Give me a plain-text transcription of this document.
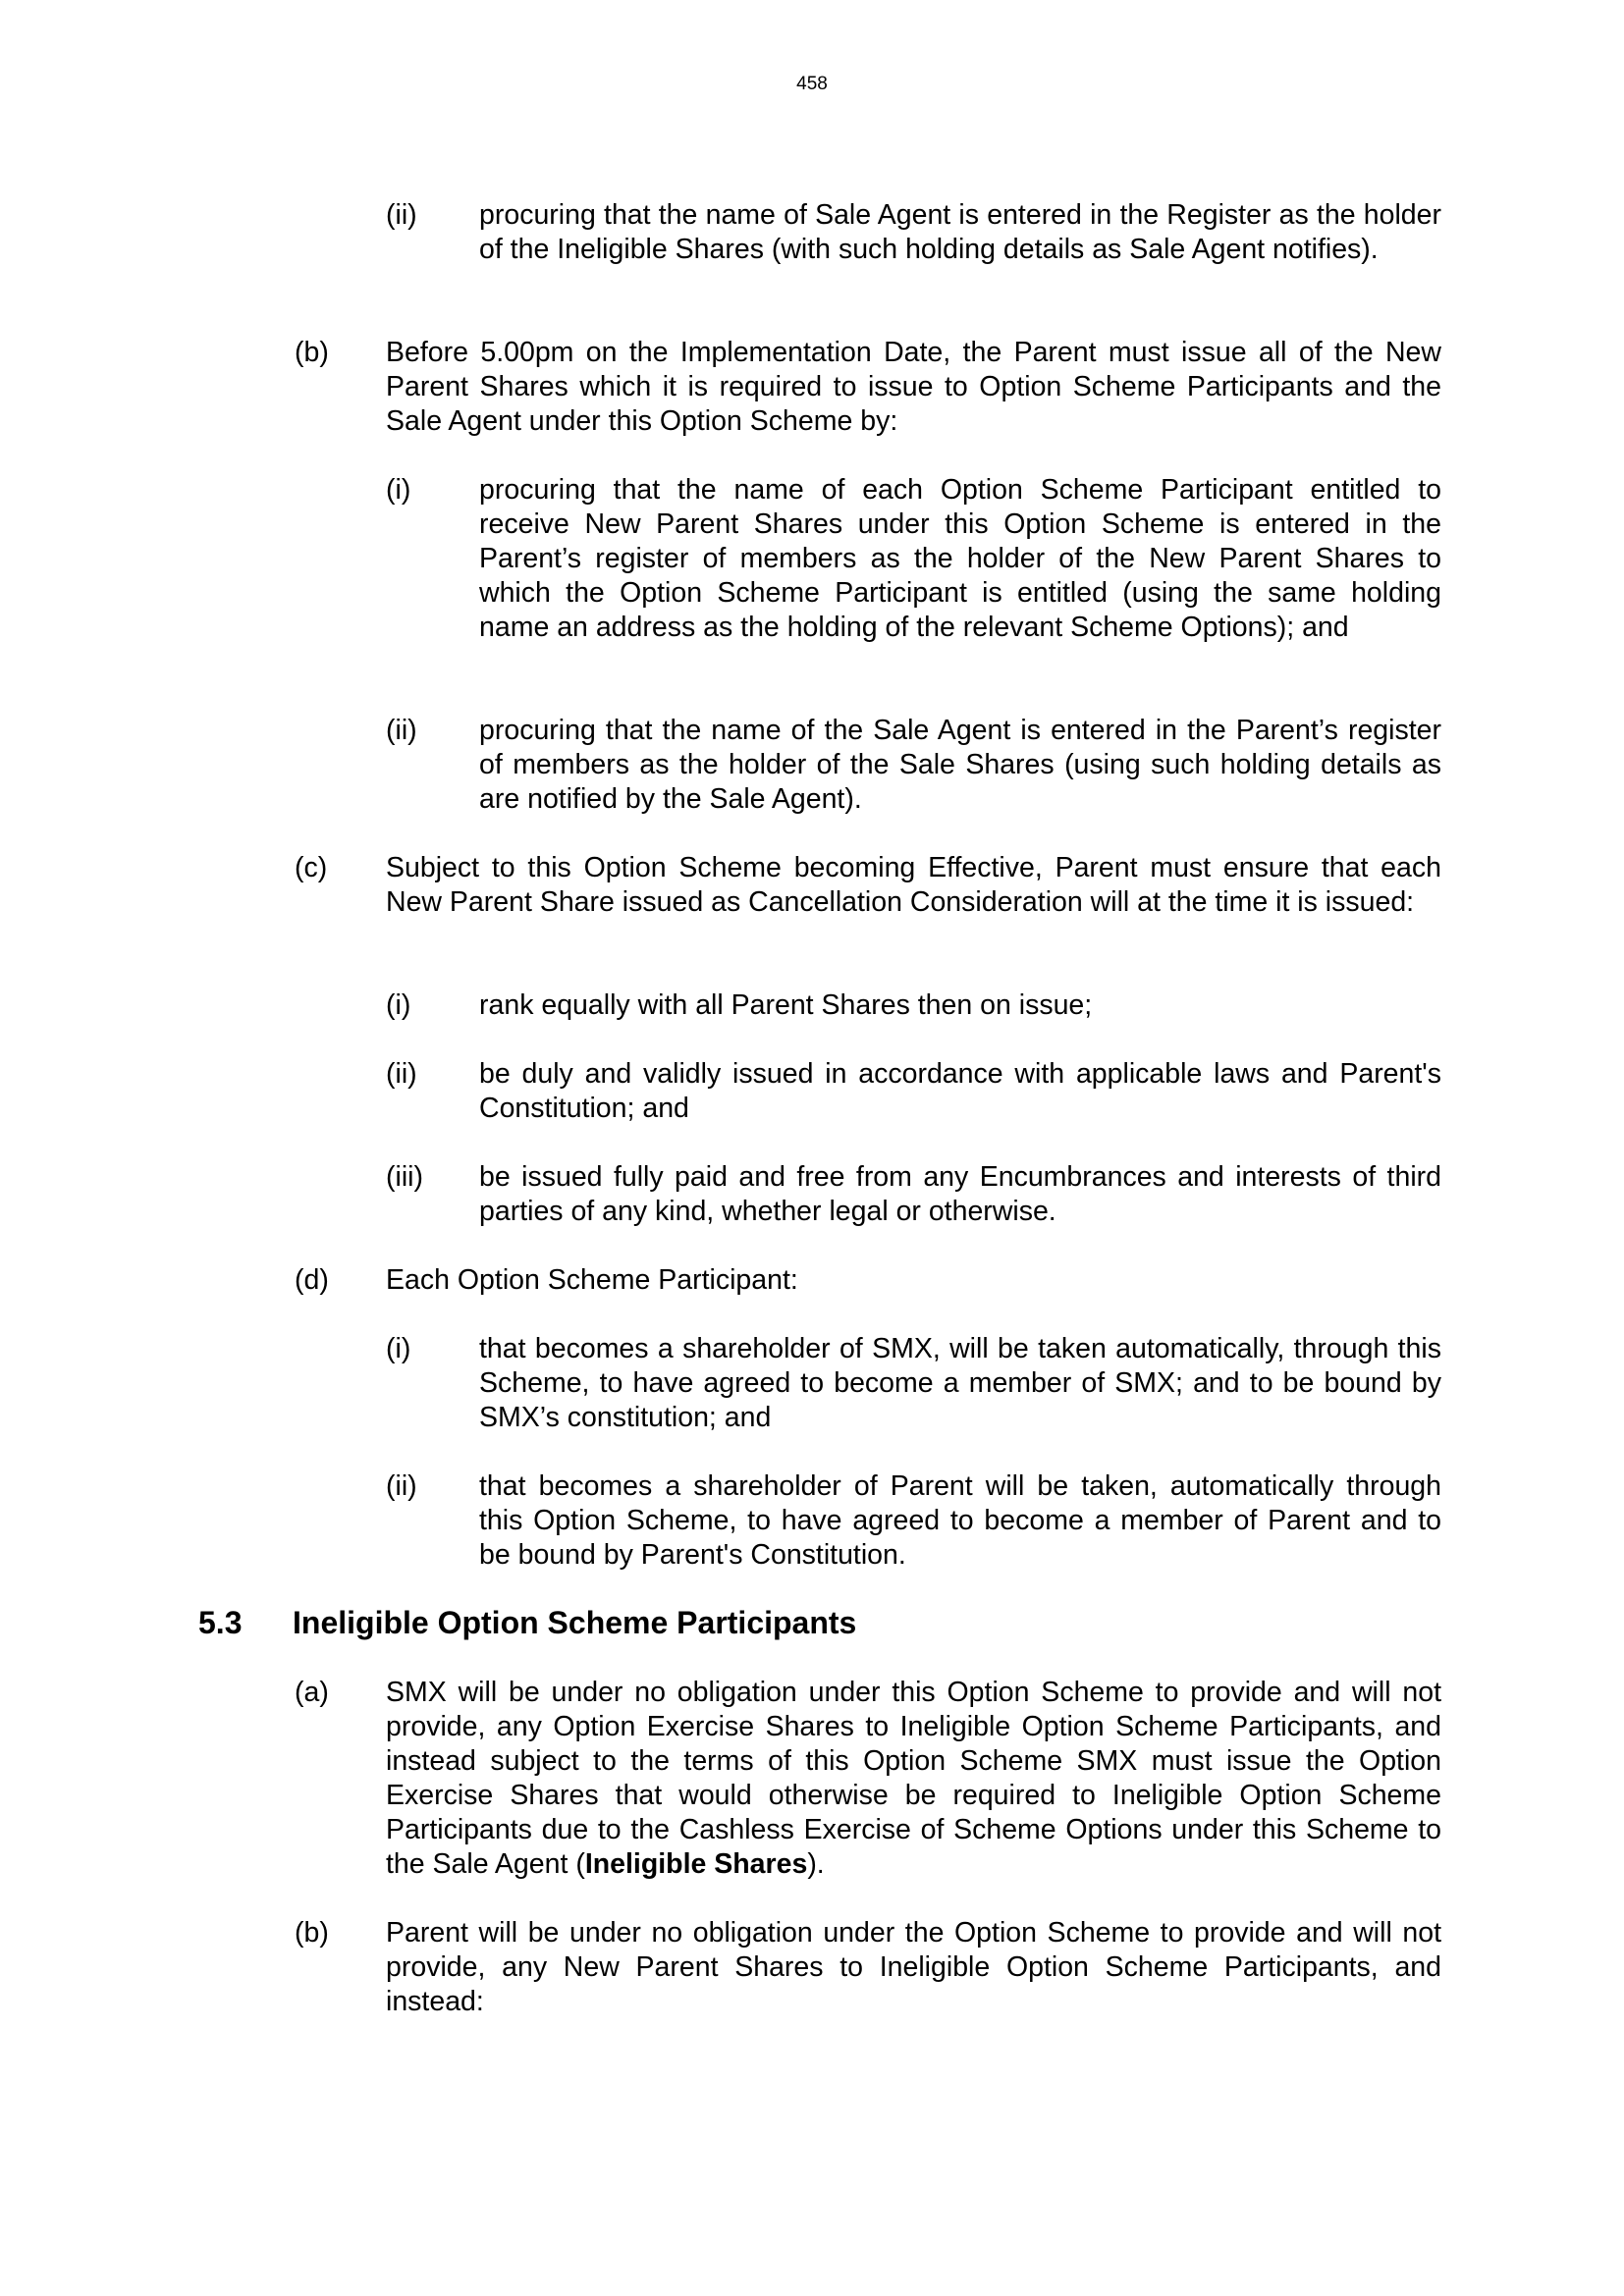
458
(ii)	procuring that the name of Sale Agent is entered in the Register as the holder of the Ineligible Shares (with such holding details as Sale Agent notifies).
(b)	Before 5.00pm on the Implementation Date, the Parent must issue all of the New Parent Shares which it is required to issue to Option Scheme Participants and the Sale Agent under this Option Scheme by:
(i)	procuring that the name of each Option Scheme Participant entitled to receive New Parent Shares under this Option Scheme is entered in the Parent’s register of members as the holder of the New Parent Shares to which the Option Scheme Participant is entitled (using the same holding name an address as the holding of the relevant Scheme Options); and
(ii)	procuring that the name of the Sale Agent is entered in the Parent’s register of members as the holder of the Sale Shares (using such holding details as are notified by the Sale Agent).
(c)	Subject to this Option Scheme becoming Effective, Parent must ensure that each New Parent Share issued as Cancellation Consideration will at the time it is issued:
(i)	rank equally with all Parent Shares then on issue;
(ii)	be duly and validly issued in accordance with applicable laws and Parent's Constitution; and
(iii)	be issued fully paid and free from any Encumbrances and interests of third parties of any kind, whether legal or otherwise.
(d)	Each Option Scheme Participant:
(i)	that becomes a shareholder of SMX, will be taken automatically, through this Scheme, to have agreed to become a member of SMX; and to be bound by SMX’s constitution; and
(ii)	that becomes a shareholder of Parent will be taken, automatically through this Option Scheme, to have agreed to become a member of Parent and to be bound by Parent's Constitution.
5.3 Ineligible Option Scheme Participants
(a)	SMX will be under no obligation under this Option Scheme to provide and will not provide, any Option Exercise Shares to Ineligible Option Scheme Participants, and instead subject to the terms of this Option Scheme SMX must issue the Option Exercise Shares that would otherwise be required to Ineligible Option Scheme Participants due to the Cashless Exercise of Scheme Options under this Scheme to the Sale Agent (Ineligible Shares).
(b)	Parent will be under no obligation under the Option Scheme to provide and will not provide, any New Parent Shares to Ineligible Option Scheme Participants, and instead:
